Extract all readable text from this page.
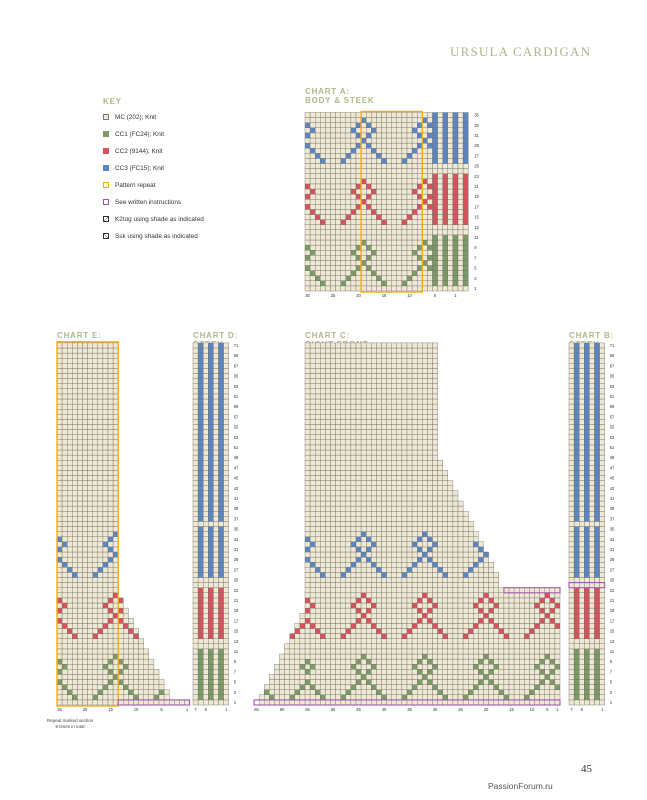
URSULA CARDIGAN
KEY
MC (202); Knit
CC1 (FC24); Knit
CC2 (9144); Knit
CC3 (FC15); Knit
Pattern repeat
See written instructions
K2tog using shade as indicated
Ssk using shade as indicated
CHART A:
BODY & STEEK
CHART E:	CHART D:	CHART C:	CHART B:
35
33
31
29
27
25
23
21
19
17
15
13
11
9
7
5
3
1
30	25	20	15	10	5	1
25	20	15	10	5	1
71
69
67
65
63
61
59
57
55
53
51
49
47
45
43
41
39
37
35
33
31
29
27
25
23
21
19
17
15
13
11
9
7
5
3
1
7 5	1	65	60	55	50	45	40	35	30	25	20	15	10	5 1
71
69
67
65
63
61
59
57
55
53
51
49
47
45
43
41
39
37
35
33
31
29
27
25
23
21
19
17
15
13
11
9
7
5
3
1
7 5	1
Repeat marked section
8 times in total
45
PassionForum.ru
